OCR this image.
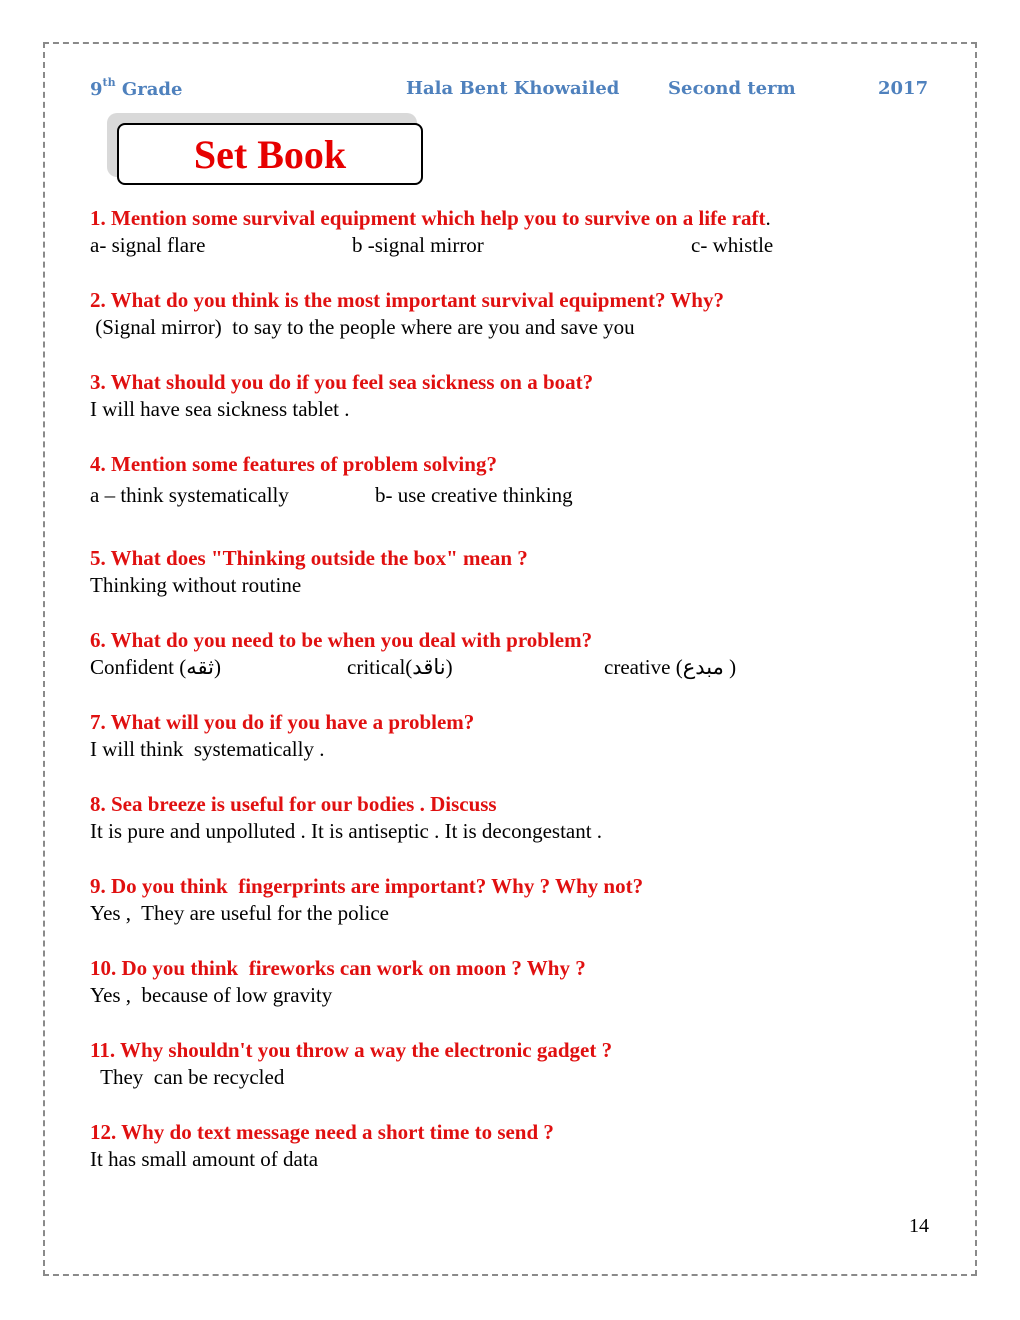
9th Grade	Hala Bent Khowailed	Second term	2017
Set Book
1. Mention some survival equipment which help you to survive on a life raft.
a- signal flare	b -signal mirror	c- whistle
2. What do you think is the most important survival equipment? Why?
(Signal mirror)  to say to the people where are you and save you
3. What should you do if you feel sea sickness on a boat?
I will have sea sickness tablet .
4. Mention some features of problem solving?
a – think systematically	b- use creative thinking
5. What does "Thinking outside the box" mean ?
Thinking without routine
6. What do you need to be when you deal with problem?
Confident (ثقه)	critical(ناقد)	creative (مبدع )
7. What will you do if you have a problem?
I will think  systematically .
8. Sea breeze is useful for our bodies . Discuss
It is pure and unpolluted . It is antiseptic . It is decongestant .
9. Do you think  fingerprints are important? Why ? Why not?
Yes ,  They are useful for the police
10. Do you think  fireworks can work on moon ? Why ?
Yes ,  because of low gravity
11. Why shouldn't you throw a way the electronic gadget ?
They  can be recycled
12. Why do text message need a short time to send ?
It has small amount of data
14
